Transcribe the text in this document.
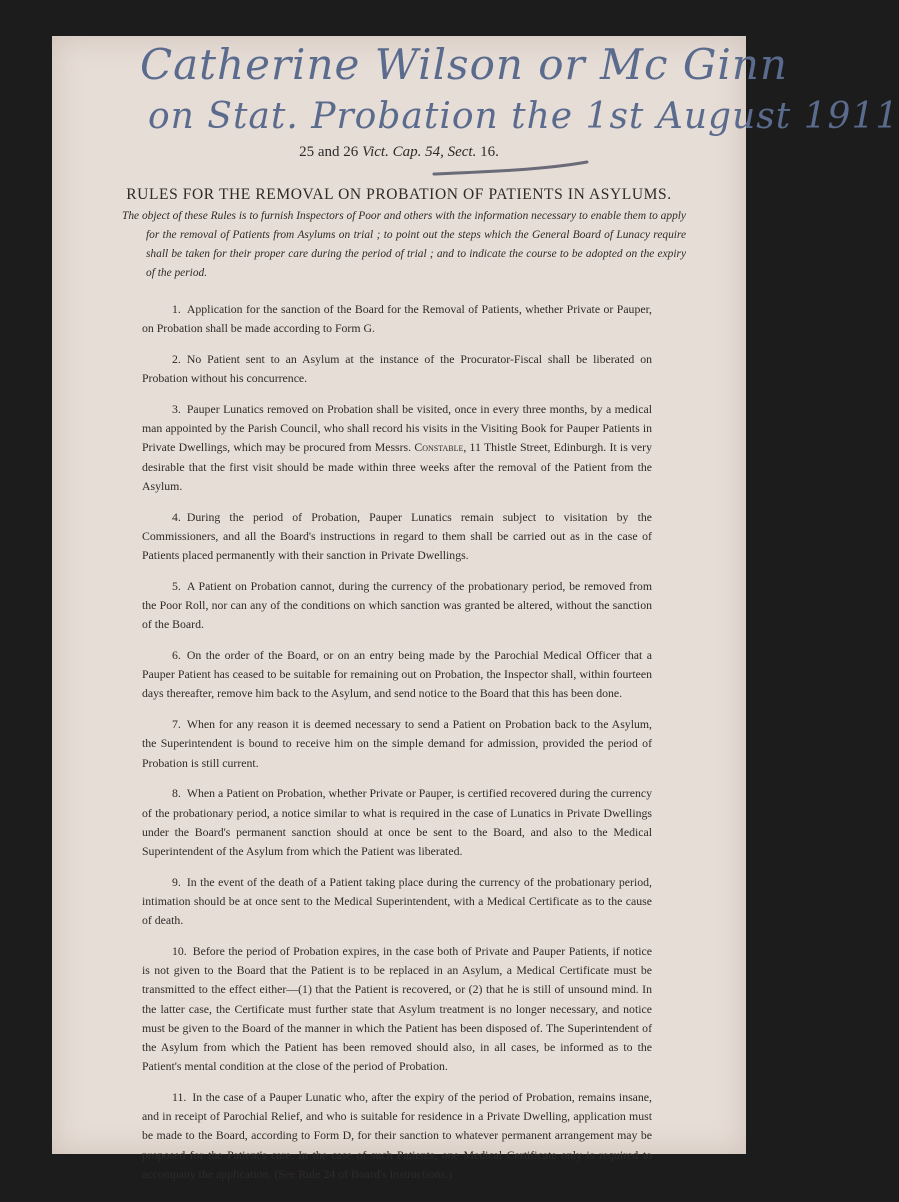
Catherine Wilson or Mc Ginn
on Stat. Probation the 1st August 1911
25 and 26 Vict. Cap. 54, Sect. 16.
RULES FOR THE REMOVAL ON PROBATION OF PATIENTS IN ASYLUMS.
The object of these Rules is to furnish Inspectors of Poor and others with the information necessary to enable them to apply for the removal of Patients from Asylums on trial ; to point out the steps which the General Board of Lunacy require shall be taken for their proper care during the period of trial ; and to indicate the course to be adopted on the expiry of the period.

1. Application for the sanction of the Board for the Removal of Patients, whether Private or Pauper, on Probation shall be made according to Form G.

2. No Patient sent to an Asylum at the instance of the Procurator-Fiscal shall be liberated on Probation without his concurrence.

3. Pauper Lunatics removed on Probation shall be visited, once in every three months, by a medical man appointed by the Parish Council, who shall record his visits in the Visiting Book for Pauper Patients in Private Dwellings, which may be procured from Messrs. Constable, 11 Thistle Street, Edinburgh. It is very desirable that the first visit should be made within three weeks after the removal of the Patient from the Asylum.

4. During the period of Probation, Pauper Lunatics remain subject to visitation by the Commissioners, and all the Board's instructions in regard to them shall be carried out as in the case of Patients placed permanently with their sanction in Private Dwellings.

5. A Patient on Probation cannot, during the currency of the probationary period, be removed from the Poor Roll, nor can any of the conditions on which sanction was granted be altered, without the sanction of the Board.

6. On the order of the Board, or on an entry being made by the Parochial Medical Officer that a Pauper Patient has ceased to be suitable for remaining out on Probation, the Inspector shall, within fourteen days thereafter, remove him back to the Asylum, and send notice to the Board that this has been done.

7. When for any reason it is deemed necessary to send a Patient on Probation back to the Asylum, the Superintendent is bound to receive him on the simple demand for admission, provided the period of Probation is still current.

8. When a Patient on Probation, whether Private or Pauper, is certified recovered during the currency of the probationary period, a notice similar to what is required in the case of Lunatics in Private Dwellings under the Board's permanent sanction should at once be sent to the Board, and also to the Medical Superintendent of the Asylum from which the Patient was liberated.

9. In the event of the death of a Patient taking place during the currency of the probationary period, intimation should be at once sent to the Medical Superintendent, with a Medical Certificate as to the cause of death.

10. Before the period of Probation expires, in the case both of Private and Pauper Patients, if notice is not given to the Board that the Patient is to be replaced in an Asylum, a Medical Certificate must be transmitted to the effect either—(1) that the Patient is recovered, or (2) that he is still of unsound mind. In the latter case, the Certificate must further state that Asylum treatment is no longer necessary, and notice must be given to the Board of the manner in which the Patient has been disposed of. The Superintendent of the Asylum from which the Patient has been removed should also, in all cases, be informed as to the Patient's mental condition at the close of the period of Probation.

11. In the case of a Pauper Lunatic who, after the expiry of the period of Probation, remains insane, and in receipt of Parochial Relief, and who is suitable for residence in a Private Dwelling, application must be made to the Board, according to Form D, for their sanction to whatever permanent arrangement may be proposed for the Patient's care. In the case of such Patients, one Medical Certificate only is required to accompany the application. (See Rule 24 of Board's Instructions.)
